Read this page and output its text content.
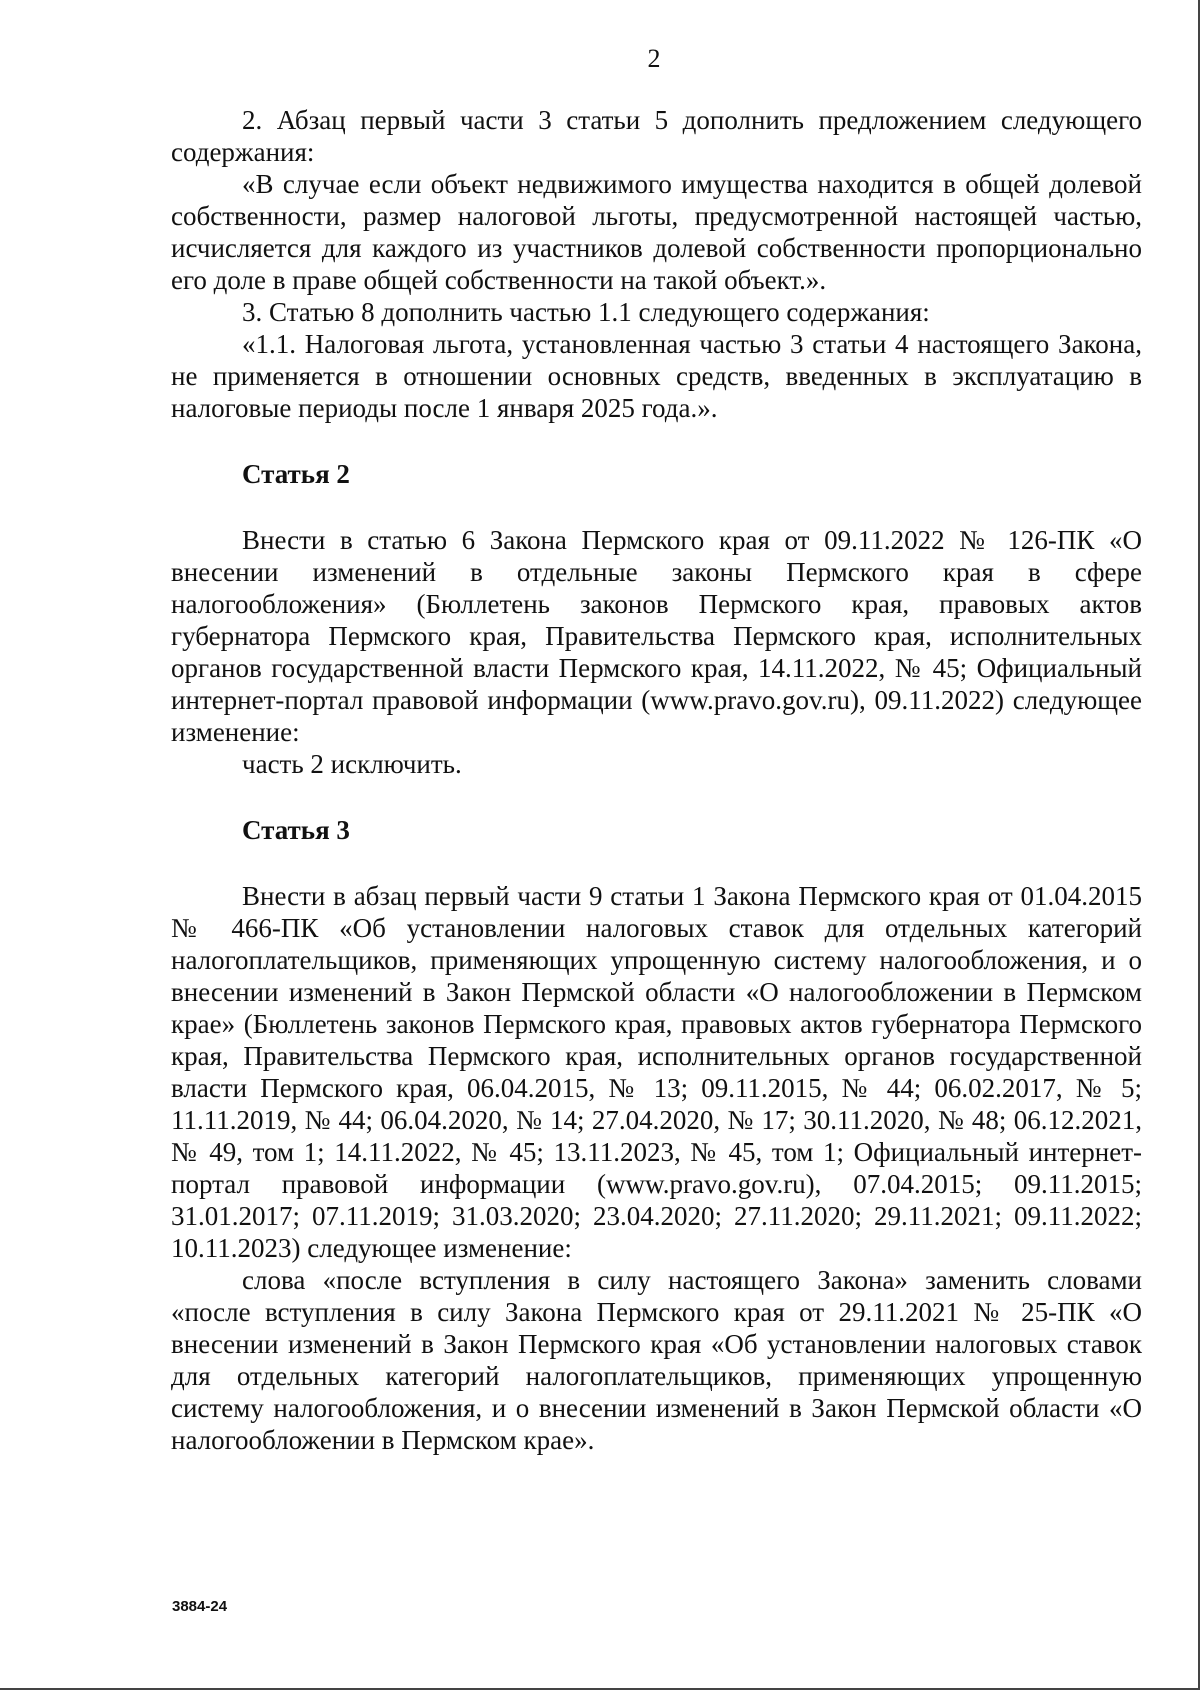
2

2. Абзац первый части 3 статьи 5 дополнить предложением следующего содержания:

«В случае если объект недвижимого имущества находится в общей долевой собственности, размер налоговой льготы, предусмотренной настоящей частью, исчисляется для каждого из участников долевой собственности пропорционально его доле в праве общей собственности на такой объект.».

3. Статью 8 дополнить частью 1.1 следующего содержания:

«1.1. Налоговая льгота, установленная частью 3 статьи 4 настоящего Закона, не применяется в отношении основных средств, введенных в эксплуатацию в налоговые периоды после 1 января 2025 года.».

Статья 2

Внести в статью 6 Закона Пермского края от 09.11.2022 № 126-ПК «О внесении изменений в отдельные законы Пермского края в сфере налогообложения» (Бюллетень законов Пермского края, правовых актов губернатора Пермского края, Правительства Пермского края, исполнительных органов государственной власти Пермского края, 14.11.2022, № 45; Официальный интернет-портал правовой информации (www.pravo.gov.ru), 09.11.2022) следующее изменение:

часть 2 исключить.

Статья 3

Внести в абзац первый части 9 статьи 1 Закона Пермского края от 01.04.2015 № 466-ПК «Об установлении налоговых ставок для отдельных категорий налогоплательщиков, применяющих упрощенную систему налогообложения, и о внесении изменений в Закон Пермской области «О налогообложении в Пермском крае» (Бюллетень законов Пермского края, правовых актов губернатора Пермского края, Правительства Пермского края, исполнительных органов государственной власти Пермского края, 06.04.2015, № 13; 09.11.2015, № 44; 06.02.2017, № 5; 11.11.2019, № 44; 06.04.2020, № 14; 27.04.2020, № 17; 30.11.2020, № 48; 06.12.2021, № 49, том 1; 14.11.2022, № 45; 13.11.2023, № 45, том 1; Официальный интернет-портал правовой информации (www.pravo.gov.ru), 07.04.2015; 09.11.2015; 31.01.2017; 07.11.2019; 31.03.2020; 23.04.2020; 27.11.2020; 29.11.2021; 09.11.2022; 10.11.2023) следующее изменение:

слова «после вступления в силу настоящего Закона» заменить словами «после вступления в силу Закона Пермского края от 29.11.2021 № 25-ПК «О внесении изменений в Закон Пермского края «Об установлении налоговых ставок для отдельных категорий налогоплательщиков, применяющих упрощенную систему налогообложения, и о внесении изменений в Закон Пермской области «О налогообложении в Пермском крае».

3884-24
